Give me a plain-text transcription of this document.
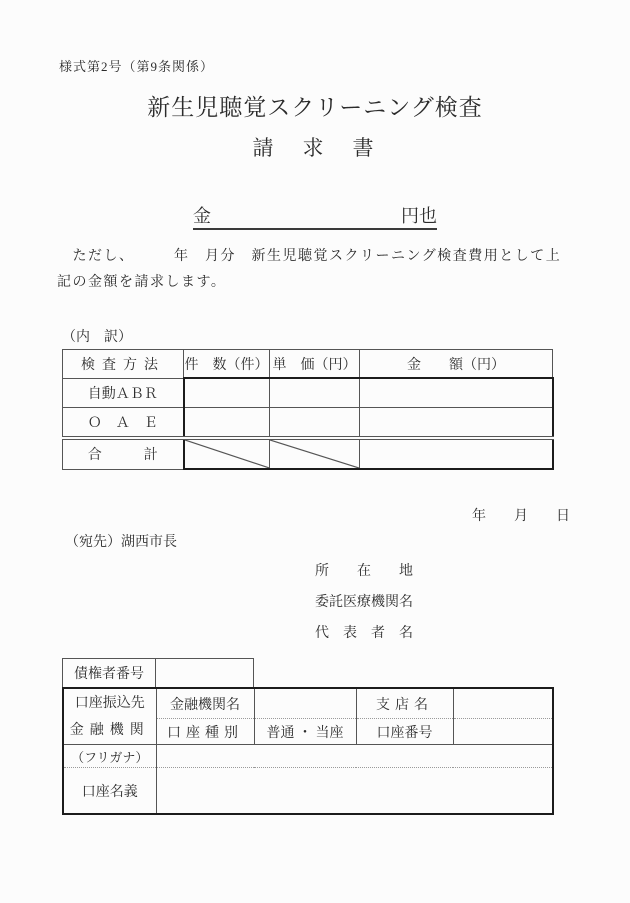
様式第2号（第9条関係）
新生児聴覚スクリーニング検査
請　求　書
金	円也
　ただし、　　　年　月分　新生児聴覚スクリーニング検査費用として上
記の金額を請求します。
（内　訳）
検査方法	件　数（件）	単　価（円）	金　　額（円）
自動ＡＢＲ			
Ｏ　Ａ　Ｅ			
合　　　計	

年　　月　　日
（宛先）湖西市長
所在地
委託医療機関名
代表者名
債権者番号	
口座振込先
金融機関	金融機関名		支店名	
	口座種別	普通 ・ 当座	口座番号	
（フリガナ）				
口座名義				
